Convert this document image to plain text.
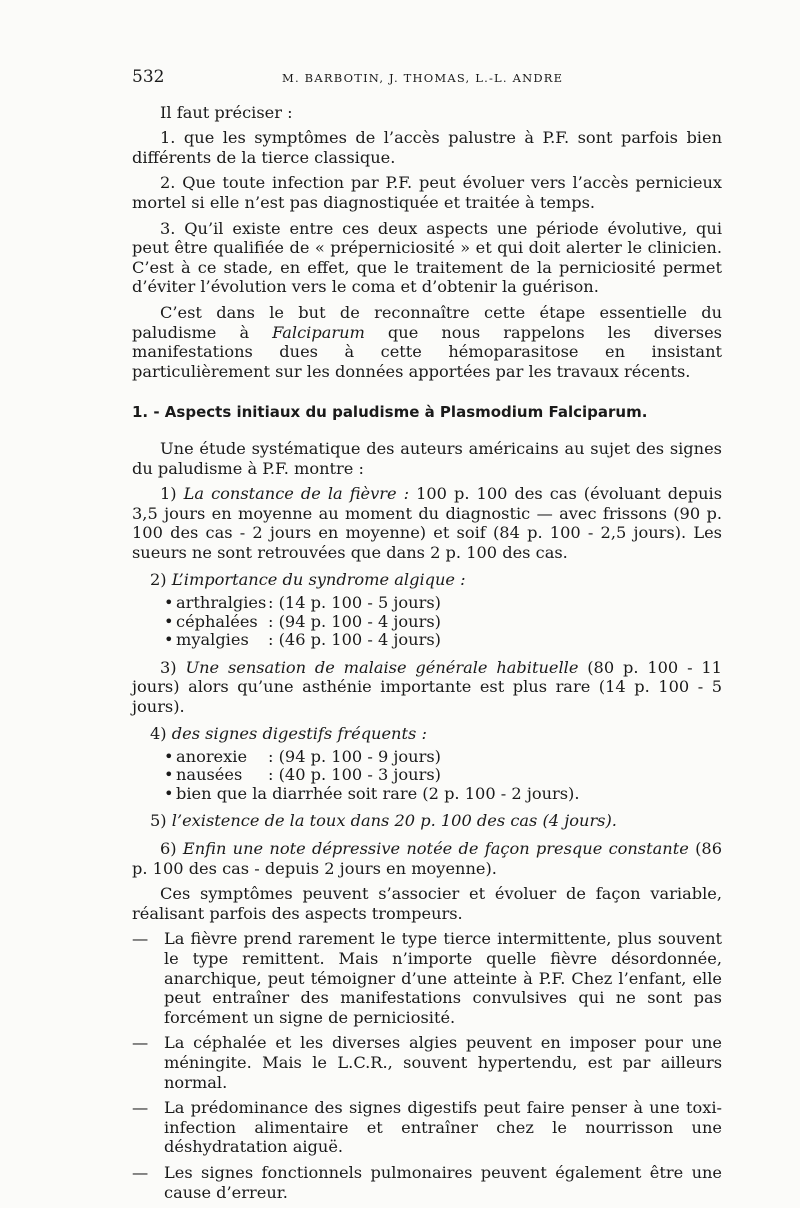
532	M. BARBOTIN, J. THOMAS, L.-L. ANDRE

Il faut préciser :

1. que les symptômes de l’accès palustre à P.F. sont parfois bien différents de la tierce classique.

2. Que toute infection par P.F. peut évoluer vers l’accès pernicieux mortel si elle n’est pas diagnostiquée et traitée à temps.

3. Qu’il existe entre ces deux aspects une période évolutive, qui peut être qualifiée de « préperniciosité » et qui doit alerter le clinicien. C’est à ce stade, en effet, que le traitement de la perniciosité permet d’éviter l’évolution vers le coma et d’obtenir la guérison.

C’est dans le but de reconnaître cette étape essentielle du paludisme à Falciparum que nous rappelons les diverses manifestations dues à cette hémoparasitose en insistant particulièrement sur les données apportées par les travaux récents.

1. - Aspects initiaux du paludisme à Plasmodium Falciparum.

Une étude systématique des auteurs américains au sujet des signes du paludisme à P.F. montre :

1) La constance de la fièvre : 100 p. 100 des cas (évoluant depuis 3,5 jours en moyenne au moment du diagnostic — avec frissons (90 p. 100 des cas - 2 jours en moyenne) et soif (84 p. 100 - 2,5 jours). Les sueurs ne sont retrouvées que dans 2 p. 100 des cas.

2) L’importance du syndrome algique :
• arthralgies : (14 p. 100 - 5 jours)
• céphalées : (94 p. 100 - 4 jours)
• myalgies	: (46 p. 100 - 4 jours)

3) Une sensation de malaise générale habituelle (80 p. 100 - 11 jours) alors qu’une asthénie importante est plus rare (14 p. 100 - 5 jours).

4) des signes digestifs fréquents :
• anorexie	: (94 p. 100 - 9 jours)
• nausées	: (40 p. 100 - 3 jours)
• bien que la diarrhée soit rare (2 p. 100 - 2 jours).
5) l’existence de la toux dans 20 p. 100 des cas (4 jours).

6) Enfin une note dépressive notée de façon presque constante (86 p. 100 des cas - depuis 2 jours en moyenne).

Ces symptômes peuvent s’associer et évoluer de façon variable, réalisant parfois des aspects trompeurs.

— La fièvre prend rarement le type tierce intermittente, plus souvent le type remittent. Mais n’importe quelle fièvre désordonnée, anarchique, peut témoigner d’une atteinte à P.F. Chez l’enfant, elle peut entraîner des manifestations convulsives qui ne sont pas forcément un signe de perniciosité.
— La céphalée et les diverses algies peuvent en imposer pour une méningite. Mais le L.C.R., souvent hypertendu, est par ailleurs normal.
— La prédominance des signes digestifs peut faire penser à une toxi-infection alimentaire et entraîner chez le nourrisson une déshydratation aiguë.
— Les signes fonctionnels pulmonaires peuvent également être une cause d’erreur.
